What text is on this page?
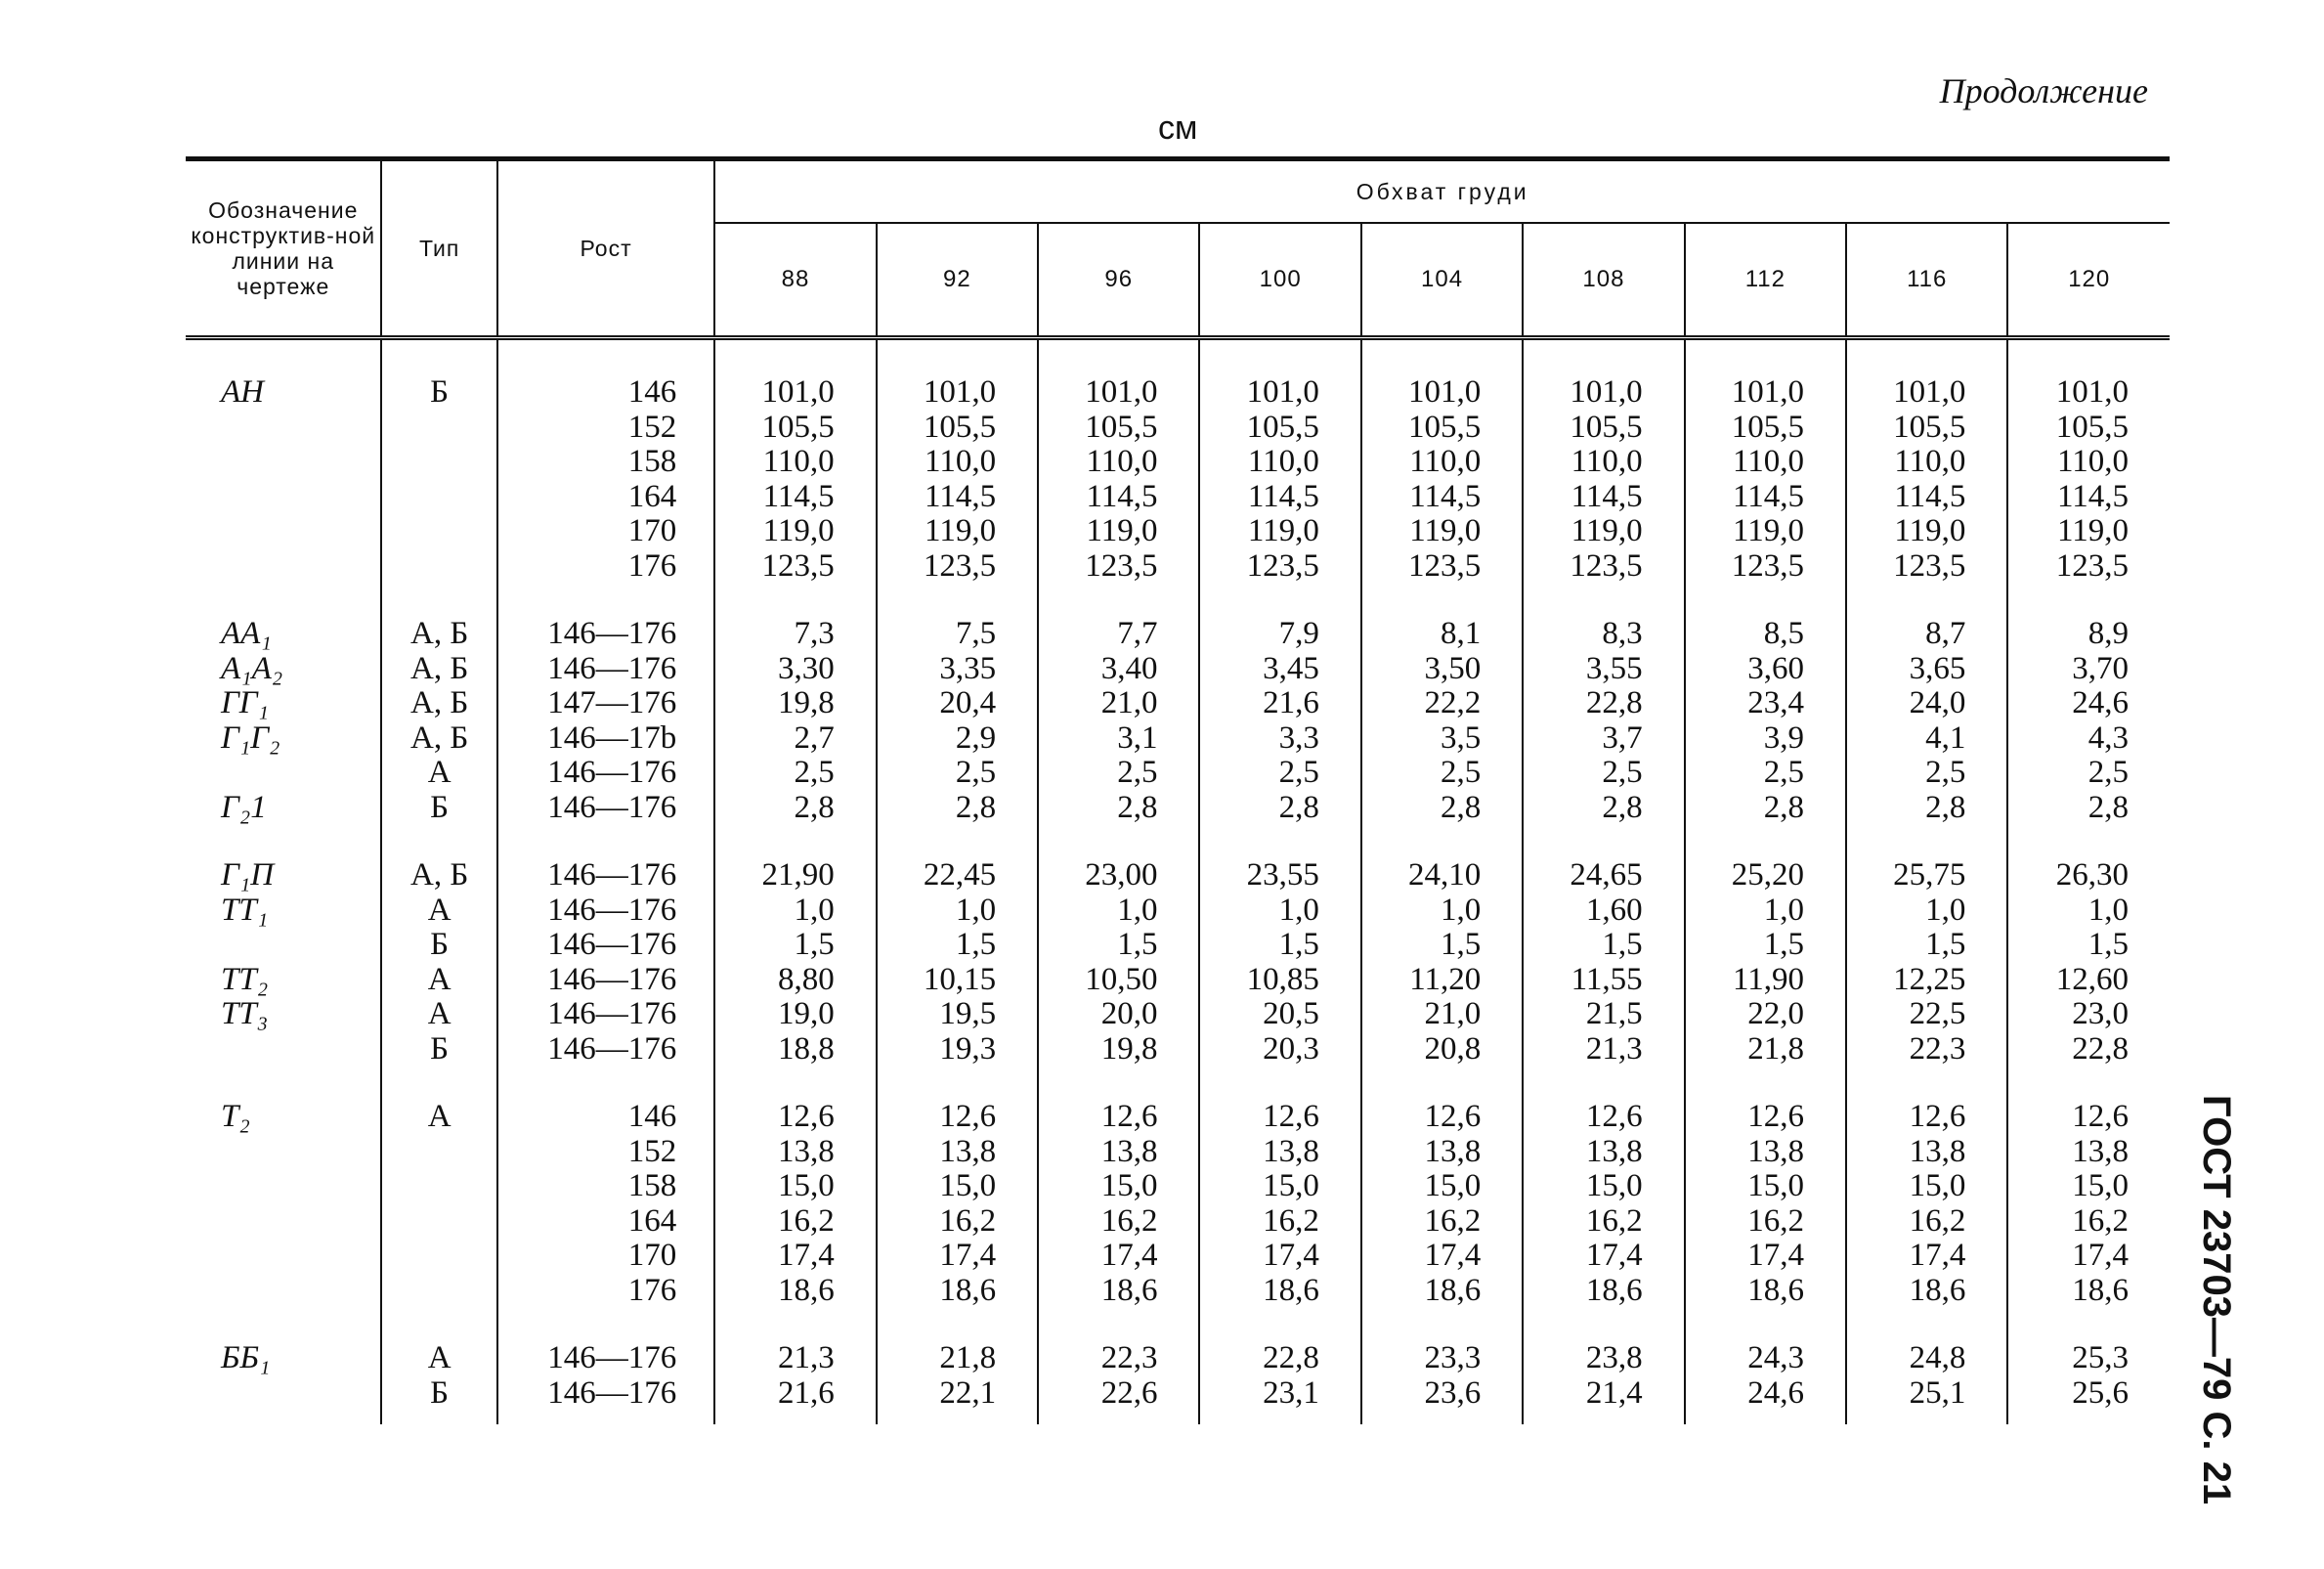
Продолжение
см
ГОСТ 23703—79 С. 21
Обозначение конструктив-ной линии на чертеже	Тип	Рост	Обхват груди								
			88	92	96	100	104	108	112	116	120
АН	Б	146	101,0	101,0	101,0	101,0	101,0	101,0	101,0	101,0	101,0
		152	105,5	105,5	105,5	105,5	105,5	105,5	105,5	105,5	105,5
		158	110,0	110,0	110,0	110,0	110,0	110,0	110,0	110,0	110,0
		164	114,5	114,5	114,5	114,5	114,5	114,5	114,5	114,5	114,5
		170	119,0	119,0	119,0	119,0	119,0	119,0	119,0	119,0	119,0
		176	123,5	123,5	123,5	123,5	123,5	123,5	123,5	123,5	123,5
АА₁	А, Б	146—176	7,3	7,5	7,7	7,9	8,1	8,3	8,5	8,7	8,9
А₁А₂	А, Б	146—176	3,30	3,35	3,40	3,45	3,50	3,55	3,60	3,65	3,70
ГГ₁	А, Б	147—176	19,8	20,4	21,0	21,6	22,2	22,8	23,4	24,0	24,6
Г₁Г₂	А, Б	146—17b	2,7	2,9	3,1	3,3	3,5	3,7	3,9	4,1	4,3
	А	146—176	2,5	2,5	2,5	2,5	2,5	2,5	2,5	2,5	2,5
Г₂1	Б	146—176	2,8	2,8	2,8	2,8	2,8	2,8	2,8	2,8	2,8
Г₁П	А, Б	146—176	21,90	22,45	23,00	23,55	24,10	24,65	25,20	25,75	26,30
ТТ₁	А	146—176	1,0	1,0	1,0	1,0	1,0	1,60	1,0	1,0	1,0
	Б	146—176	1,5	1,5	1,5	1,5	1,5	1,5	1,5	1,5	1,5
ТТ₂	А	146—176	8,80	10,15	10,50	10,85	11,20	11,55	11,90	12,25	12,60
ТТ₃	А	146—176	19,0	19,5	20,0	20,5	21,0	21,5	22,0	22,5	23,0
	Б	146—176	18,8	19,3	19,8	20,3	20,8	21,3	21,8	22,3	22,8
Т₂	А	146	12,6	12,6	12,6	12,6	12,6	12,6	12,6	12,6	12,6
		152	13,8	13,8	13,8	13,8	13,8	13,8	13,8	13,8	13,8
		158	15,0	15,0	15,0	15,0	15,0	15,0	15,0	15,0	15,0
		164	16,2	16,2	16,2	16,2	16,2	16,2	16,2	16,2	16,2
		170	17,4	17,4	17,4	17,4	17,4	17,4	17,4	17,4	17,4
		176	18,6	18,6	18,6	18,6	18,6	18,6	18,6	18,6	18,6
ББ₁	А	146—176	21,3	21,8	22,3	22,8	23,3	23,8	24,3	24,8	25,3
	Б	146—176	21,6	22,1	22,6	23,1	23,6	21,4	24,6	25,1	25,6
